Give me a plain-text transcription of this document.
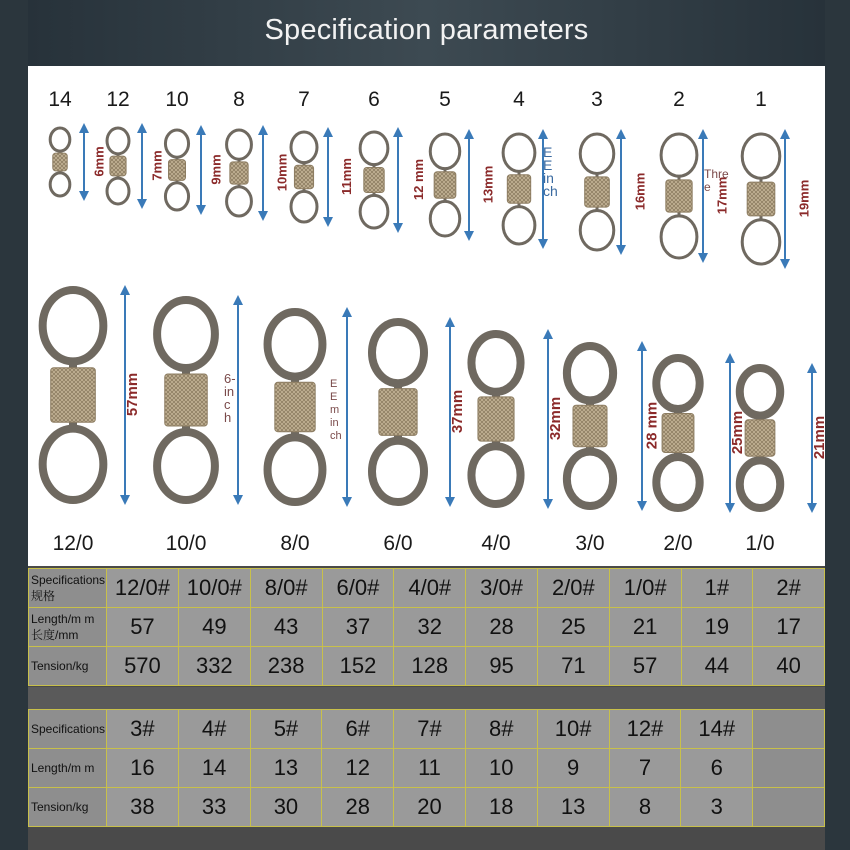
Specification parameters
14
6mm
12
7mm
10
9mm
8
10mm
7
11mm
6
12 mm
5
13mm
4	3
16mm
2
17mm
1
19mm
12/0
57mm
10/0	8/0	6/0
37mm
4/0
32mm
3/0
28 mm
2/0
25mm
1/0
21mm
E
E
in
ch
Thre
e
6-
in
c
h
E
E
m
in
ch
Specifications 规格	12/0#	10/0#	8/0#	6/0#	4/0#	3/0#	2/0#	1/0#	1#	2#
Length/m m 长度/mm	57	49	43	37	32	28	25	21	19	17
Tension/kg	570	332	238	152	128	95	71	57	44	40
Specifications	3#	4#	5#	6#	7#	8#	10#	12#	14#	
Length/m m	16	14	13	12	11	10	9	7	6	
Tension/kg	38	33	30	28	20	18	13	8	3	
